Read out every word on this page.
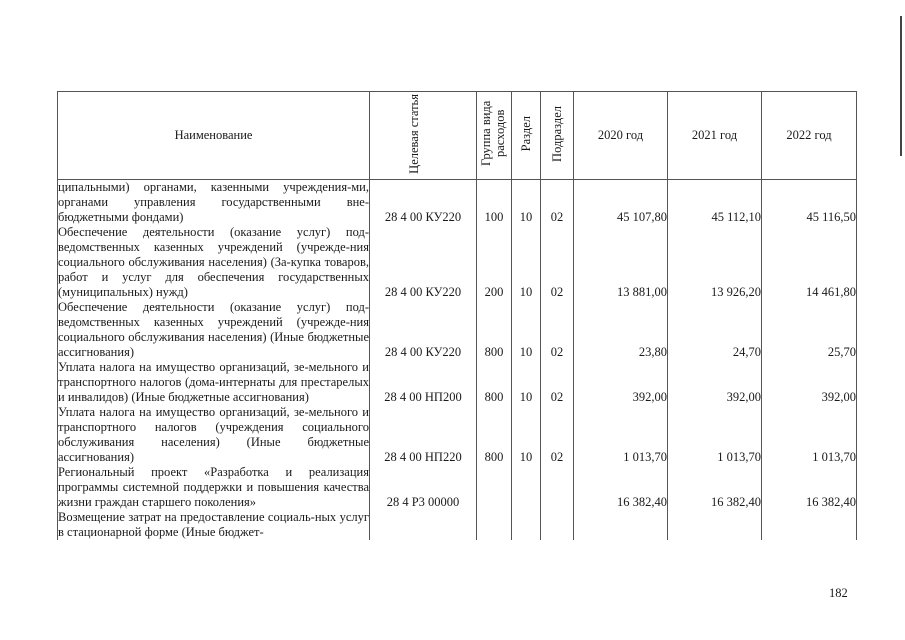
Наименование	Целевая статья	Группа вида расходов	Раздел	Подраздел	2020 год	2021 год	2022 год
ципальными) органами, казенными учреждения-ми, органами управления государственными вне-бюджетными фондами)	28 4 00 КУ220	100	10	02	45 107,80	45 112,10	45 116,50
Обеспечение деятельности (оказание услуг) под-ведомственных казенных учреждений (учрежде-ния социального обслуживания населения) (За-купка товаров, работ и услуг для обеспечения государственных (муниципальных) нужд)	28 4 00 КУ220	200	10	02	13 881,00	13 926,20	14 461,80
Обеспечение деятельности (оказание услуг) под-ведомственных казенных учреждений (учрежде-ния социального обслуживания населения) (Иные бюджетные ассигнования)	28 4 00 КУ220	800	10	02	23,80	24,70	25,70
Уплата налога на имущество организаций, зе-мельного и транспортного налогов (дома-интернаты для престарелых и инвалидов) (Иные бюджетные ассигнования)	28 4 00 НП200	800	10	02	392,00	392,00	392,00
Уплата налога на имущество организаций, зе-мельного и транспортного налогов (учреждения социального обслуживания населения) (Иные бюджетные ассигнования)	28 4 00 НП220	800	10	02	1 013,70	1 013,70	1 013,70
Региональный проект «Разработка и реализация программы системной поддержки и повышения качества жизни граждан старшего поколения»	28 4 Р3 00000				16 382,40	16 382,40	16 382,40
Возмещение затрат на предоставление социаль-ных услуг в стационарной форме (Иные бюджет-							
182
